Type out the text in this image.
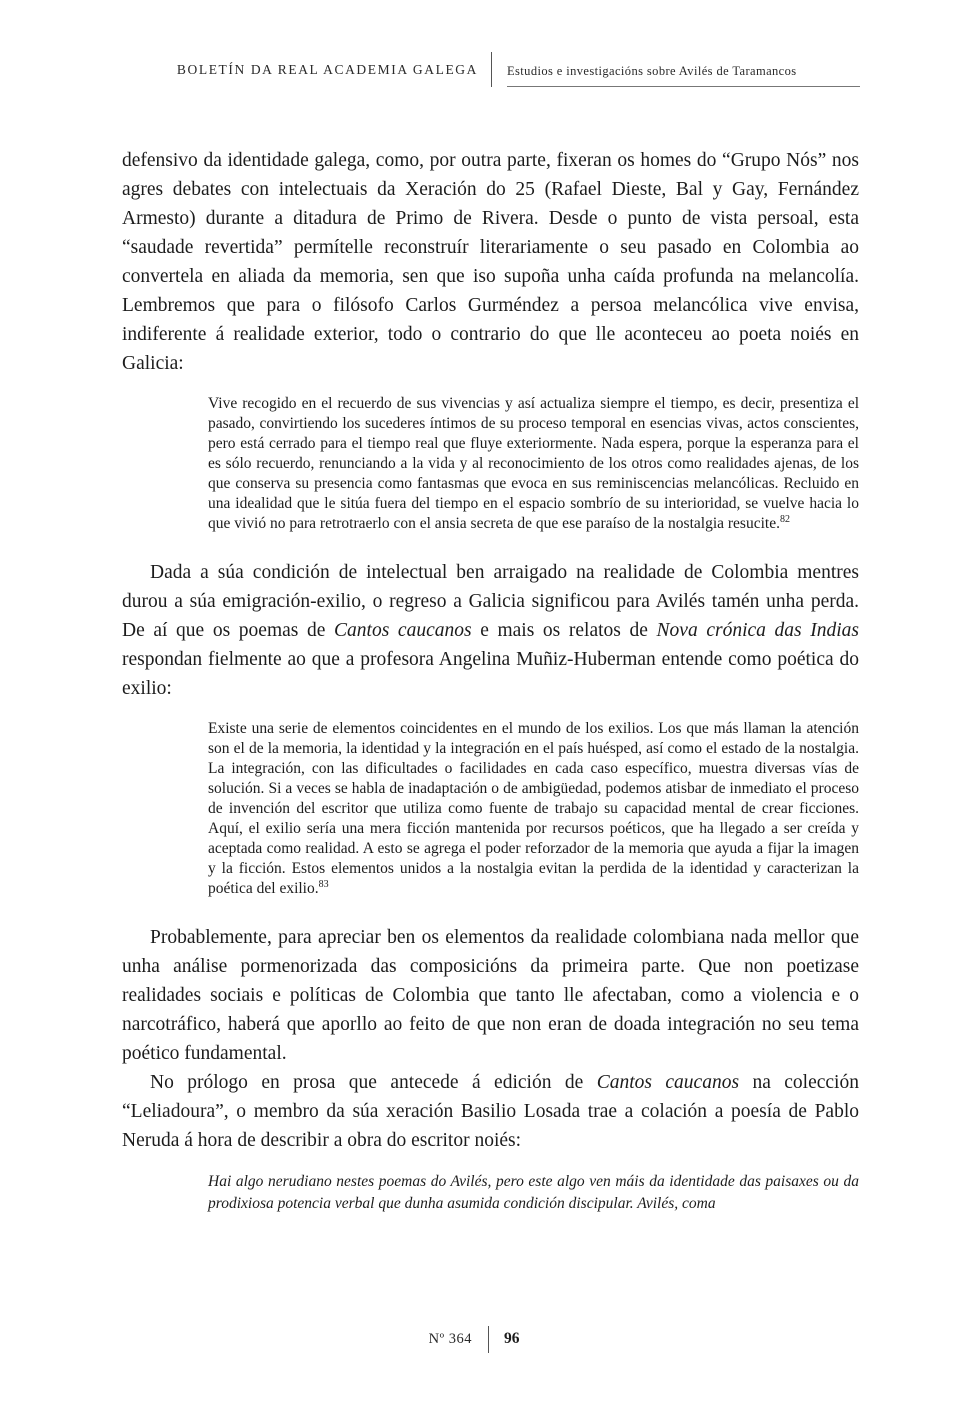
BOLETÍN DA REAL ACADEMIA GALEGA Estudios e investigacións sobre Avilés de Taramancos

defensivo da identidade galega, como, por outra parte, fixeran os homes do “Grupo Nós” nos agres debates con intelectuais da Xeración do 25 (Rafael Dieste, Bal y Gay, Fernández Armesto) durante a ditadura de Primo de Rivera. Desde o punto de vista persoal, esta “saudade revertida” permítelle reconstruír literariamente o seu pasado en Colombia ao convertela en aliada da memoria, sen que iso supoña unha caída profunda na melancolía. Lembremos que para o filósofo Carlos Gurméndez a persoa melancólica vive envisa, indiferente á realidade exterior, todo o contrario do que lle aconteceu ao poeta noiés en Galicia:

Vive recogido en el recuerdo de sus vivencias y así actualiza siempre el tiempo, es decir, presentiza el pasado, convirtiendo los sucederes íntimos de su proceso temporal en esencias vivas, actos conscientes, pero está cerrado para el tiempo real que fluye exteriormente. Nada espera, porque la esperanza para el es sólo recuerdo, renunciando a la vida y al reconocimiento de los otros como realidades ajenas, de los que conserva su presencia como fantasmas que evoca en sus reminiscencias melancólicas. Recluido en una idealidad que le sitúa fuera del tiempo en el espacio sombrío de su interioridad, se vuelve hacia lo que vivió no para retrotraerlo con el ansia secreta de que ese paraíso de la nostalgia resucite.$^{82}$

Dada a súa condición de intelectual ben arraigado na realidade de Colombia mentres durou a súa emigración-exilio, o regreso a Galicia significou para Avilés tamén unha perda. De aí que os poemas de Cantos caucanos e mais os relatos de Nova crónica das Indias respondan fielmente ao que a profesora Angelina Muñiz-Huberman entende como poética do exilio:

Existe una serie de elementos coincidentes en el mundo de los exilios. Los que más llaman la atención son el de la memoria, la identidad y la integración en el país huésped, así como el estado de la nostalgia. La integración, con las dificultades o facilidades en cada caso específico, muestra diversas vías de solución. Si a veces se habla de inadaptación o de ambigüedad, podemos atisbar de inmediato el proceso de invención del escritor que utiliza como fuente de trabajo su capacidad mental de crear ficciones. Aquí, el exilio sería una mera ficción mantenida por recursos poéticos, que ha llegado a ser creída y aceptada como realidad. A esto se agrega el poder reforzador de la memoria que ayuda a fijar la imagen y la ficción. Estos elementos unidos a la nostalgia evitan la perdida de la identidad y caracterizan la poética del exilio.$^{83}$

Probablemente, para apreciar ben os elementos da realidade colombiana nada mellor que unha análise pormenorizada das composicións da primeira parte. Que non poetizase realidades sociais e políticas de Colombia que tanto lle afectaban, como a violencia e o narcotráfico, haberá que aporllo ao feito de que non eran de doada integración no seu tema poético fundamental.

No prólogo en prosa que antecede á edición de Cantos caucanos na colección “Leliadoura”, o membro da súa xeración Basilio Losada trae a colación a poesía de Pablo Neruda á hora de describir a obra do escritor noiés:

Hai algo nerudiano nestes poemas do Avilés, pero este algo ven máis da identidade das paisaxes ou da prodixiosa potencia verbal que dunha asumida condición discipular. Avilés, coma

Nº 364 96
